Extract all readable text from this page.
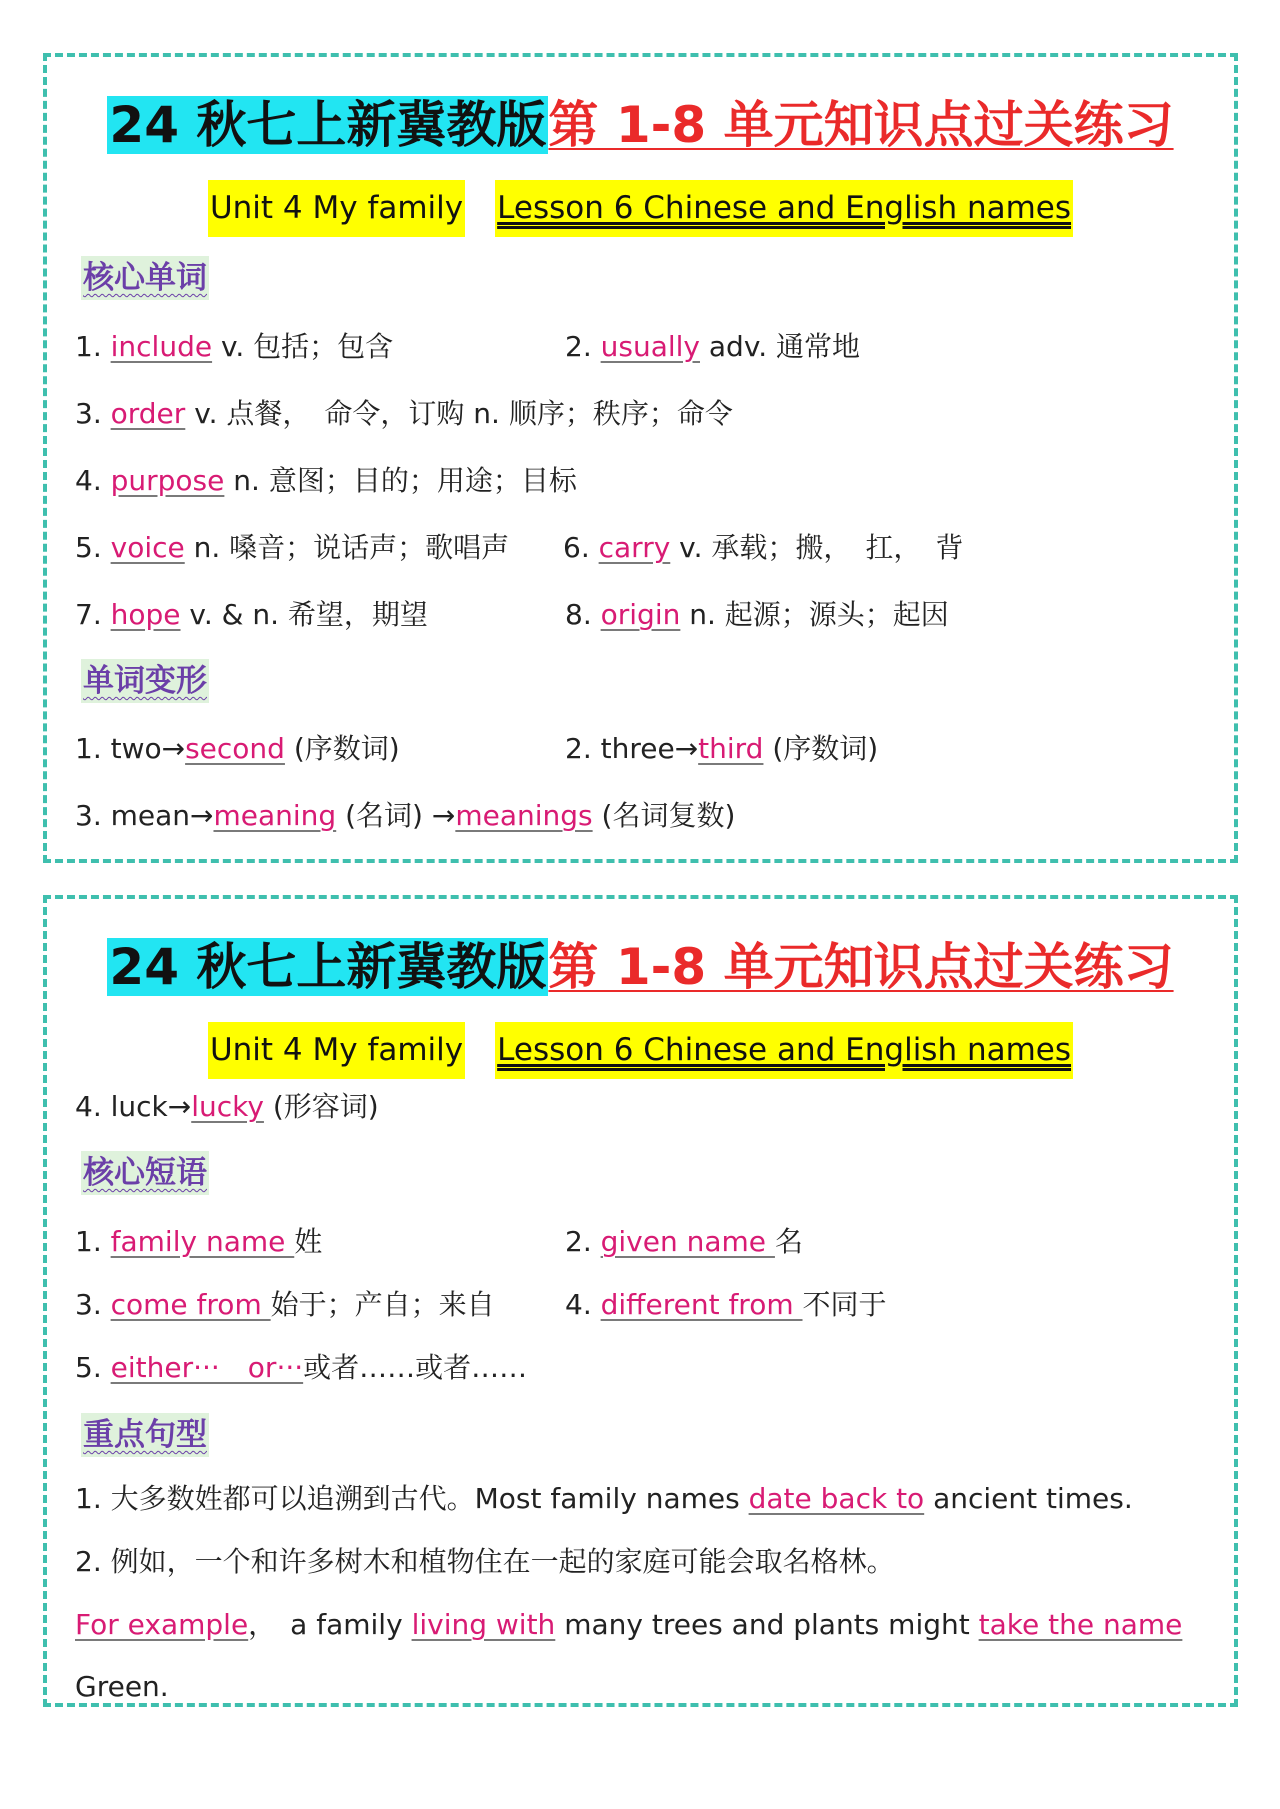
24 秋七上新冀教版第 1-8 单元知识点过关练习
Unit 4 My family Lesson 6 Chinese and English names
核心单词
1. include v. 包括；包含	2. usually adv. 通常地
3. order v. 点餐，　命令，订购 n. 顺序；秩序；命令
4. purpose n. 意图；目的；用途；目标
5. voice n. 嗓音；说话声；歌唱声 6. carry v. 承载；搬，　扛，　背
7. hope v. & n. 希望，期望	8. origin n. 起源；源头；起因
单词变形
1. two→second (序数词)	2. three→third (序数词)
3. mean→meaning (名词) →meanings (名词复数)
24 秋七上新冀教版第 1-8 单元知识点过关练习
Unit 4 My family Lesson 6 Chinese and English names
4. luck→lucky (形容词)
核心短语
1. family name 姓	2. given name 名
3. come from 始于；产自；来自	4. different from 不同于
5. either···　or···或者……或者……
重点句型
1. 大多数姓都可以追溯到古代。Most family names date back to ancient times.
2. 例如，一个和许多树木和植物住在一起的家庭可能会取名格林。
For example，　a family living with many trees and plants might take the name
Green.
